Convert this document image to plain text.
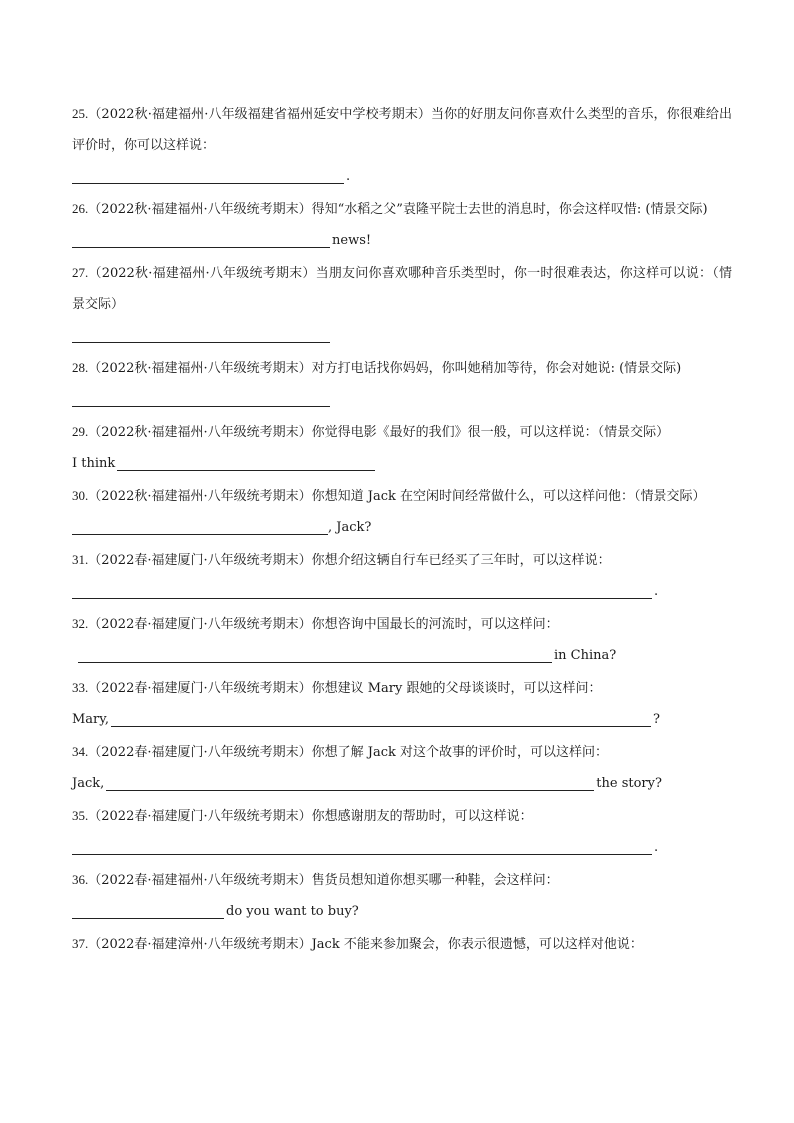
25.（2022秋·福建福州·八年级福建省福州延安中学校考期末）当你的好朋友问你喜欢什么类型的音乐，你很难给出评价时，你可以这样说：
.
26.（2022秋·福建福州·八年级统考期末）得知“水稻之父”袁隆平院士去世的消息时，你会这样叹惜: (情景交际)
news!
27.（2022秋·福建福州·八年级统考期末）当朋友问你喜欢哪种音乐类型时，你一时很难表达，你这样可以说：（情景交际）
28.（2022秋·福建福州·八年级统考期末）对方打电话找你妈妈，你叫她稍加等待，你会对她说: (情景交际)
29.（2022秋·福建福州·八年级统考期末）你觉得电影《最好的我们》很一般，可以这样说：（情景交际）
I think
30.（2022秋·福建福州·八年级统考期末）你想知道 Jack 在空闲时间经常做什么，可以这样问他：（情景交际）
, Jack?
31.（2022春·福建厦门·八年级统考期末）你想介绍这辆自行车已经买了三年时，可以这样说：
.
32.（2022春·福建厦门·八年级统考期末）你想咨询中国最长的河流时，可以这样问：
in China?
33.（2022春·福建厦门·八年级统考期末）你想建议 Mary 跟她的父母谈谈时，可以这样问：
Mary,	?
34.（2022春·福建厦门·八年级统考期末）你想了解 Jack 对这个故事的评价时，可以这样问：
Jack,	the story?
35.（2022春·福建厦门·八年级统考期末）你想感谢朋友的帮助时，可以这样说：
.
36.（2022春·福建福州·八年级统考期末）售货员想知道你想买哪一种鞋，会这样问：
do you want to buy?
37.（2022春·福建漳州·八年级统考期末）Jack 不能来参加聚会，你表示很遗憾，可以这样对他说：
